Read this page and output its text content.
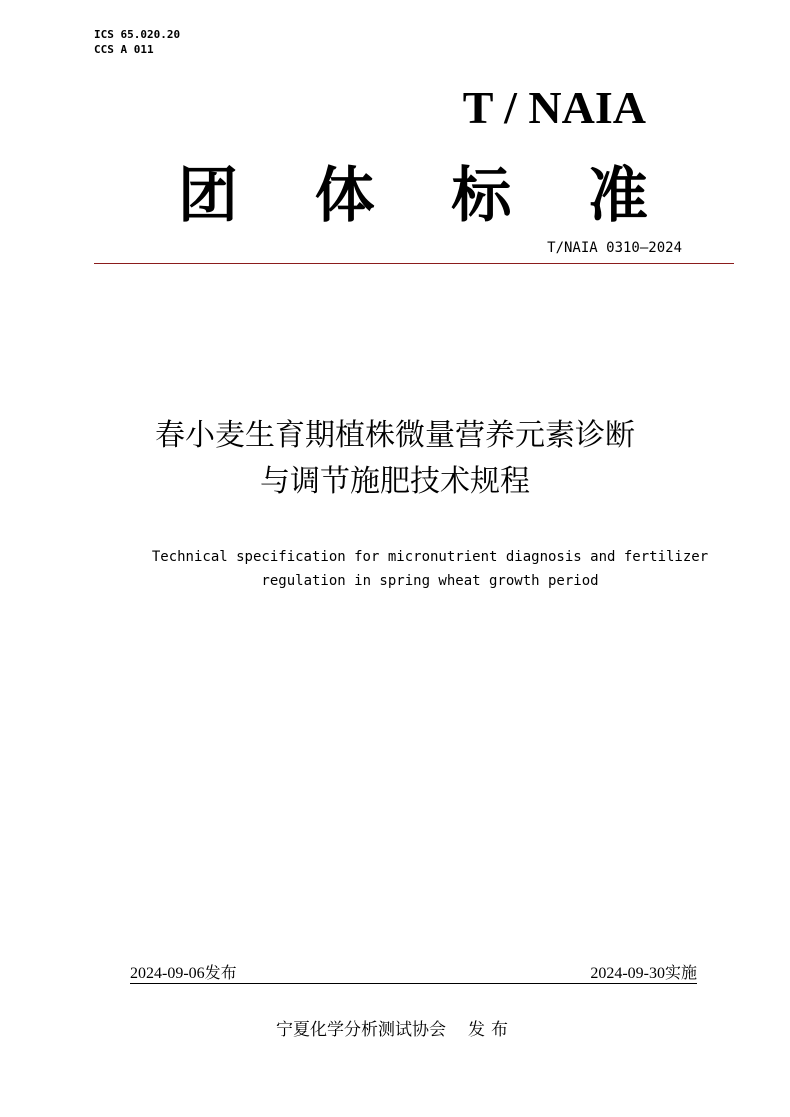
ICS 65.020.20
CCS A 011
T / NAIA
团 体 标 准
T/NAIA 0310—2024
春小麦生育期植株微量营养元素诊断
与调节施肥技术规程
Technical specification for micronutrient diagnosis and fertilizer
regulation in spring wheat growth period
2024-09-06发布	2024-09-30实施
宁夏化学分析测试协会 发布
